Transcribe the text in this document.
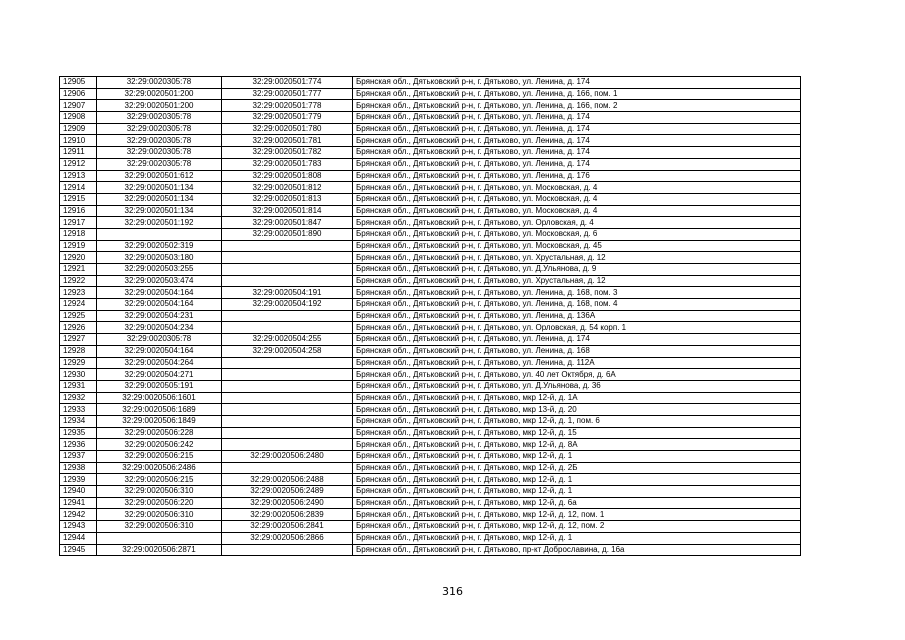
12905	32:29:0020305:78	32:29:0020501:774	Брянская обл., Дятьковский р-н, г. Дятьково, ул. Ленина, д. 174
12906	32:29:0020501:200	32:29:0020501:777	Брянская обл., Дятьковский р-н, г. Дятьково, ул. Ленина, д. 166, пом. 1
12907	32:29:0020501:200	32:29:0020501:778	Брянская обл., Дятьковский р-н, г. Дятьково, ул. Ленина, д. 166, пом. 2
12908	32:29:0020305:78	32:29:0020501:779	Брянская обл., Дятьковский р-н, г. Дятьково, ул. Ленина, д. 174
12909	32:29:0020305:78	32:29:0020501:780	Брянская обл., Дятьковский р-н, г. Дятьково, ул. Ленина, д. 174
12910	32:29:0020305:78	32:29:0020501:781	Брянская обл., Дятьковский р-н, г. Дятьково, ул. Ленина, д. 174
12911	32:29:0020305:78	32:29:0020501:782	Брянская обл., Дятьковский р-н, г. Дятьково, ул. Ленина, д. 174
12912	32:29:0020305:78	32:29:0020501:783	Брянская обл., Дятьковский р-н, г. Дятьково, ул. Ленина, д. 174
12913	32:29:0020501:612	32:29:0020501:808	Брянская обл., Дятьковский р-н, г. Дятьково, ул. Ленина, д. 176
12914	32:29:0020501:134	32:29:0020501:812	Брянская обл., Дятьковский р-н, г. Дятьково, ул. Московская, д. 4
12915	32:29:0020501:134	32:29:0020501:813	Брянская обл., Дятьковский р-н, г. Дятьково, ул. Московская, д. 4
12916	32:29:0020501:134	32:29:0020501:814	Брянская обл., Дятьковский р-н, г. Дятьково, ул. Московская, д. 4
12917	32:29:0020501:192	32:29:0020501:847	Брянская обл., Дятьковский р-н, г. Дятьково, ул. Орловская, д. 4
12918		32:29:0020501:890	Брянская обл., Дятьковский р-н, г. Дятьково, ул. Московская, д. 6
12919	32:29:0020502:319		Брянская обл., Дятьковский р-н, г. Дятьково, ул. Московская, д. 45
12920	32:29:0020503:180		Брянская обл., Дятьковский р-н, г. Дятьково, ул. Хрустальная, д. 12
12921	32:29:0020503:255		Брянская обл., Дятьковский р-н, г. Дятьково, ул. Д.Ульянова, д. 9
12922	32:29:0020503:474		Брянская обл., Дятьковский р-н, г. Дятьково, ул. Хрустальная, д. 12
12923	32:29:0020504:164	32:29:0020504:191	Брянская обл., Дятьковский р-н, г. Дятьково, ул. Ленина, д. 168, пом. 3
12924	32:29:0020504:164	32:29:0020504:192	Брянская обл., Дятьковский р-н, г. Дятьково, ул. Ленина, д. 168, пом. 4
12925	32:29:0020504:231		Брянская обл., Дятьковский р-н, г. Дятьково, ул. Ленина, д. 136А
12926	32:29:0020504:234		Брянская обл., Дятьковский р-н, г. Дятьково, ул. Орловская, д. 54 корп. 1
12927	32:29:0020305:78	32:29:0020504:255	Брянская обл., Дятьковский р-н, г. Дятьково, ул. Ленина, д. 174
12928	32:29:0020504:164	32:29:0020504:258	Брянская обл., Дятьковский р-н, г. Дятьково, ул. Ленина, д. 168
12929	32:29:0020504:264		Брянская обл., Дятьковский р-н, г. Дятьково, ул. Ленина, д. 112А
12930	32:29:0020504:271		Брянская обл., Дятьковский р-н, г. Дятьково, ул. 40 лет Октября, д. 6А
12931	32:29:0020505:191		Брянская обл., Дятьковский р-н, г. Дятьково, ул. Д.Ульянова, д. 36
12932	32:29:0020506:1601		Брянская обл., Дятьковский р-н, г. Дятьково, мкр 12-й, д. 1А
12933	32:29:0020506:1689		Брянская обл., Дятьковский р-н, г. Дятьково, мкр 13-й, д. 20
12934	32:29:0020506:1849		Брянская обл., Дятьковский р-н, г. Дятьково, мкр 12-й, д. 1, пом. 6
12935	32:29:0020506:228		Брянская обл., Дятьковский р-н, г. Дятьково, мкр 12-й, д. 15
12936	32:29:0020506:242		Брянская обл., Дятьковский р-н, г. Дятьково, мкр 12-й, д. 8А
12937	32:29:0020506:215	32:29:0020506:2480	Брянская обл., Дятьковский р-н, г. Дятьково, мкр 12-й, д. 1
12938	32:29:0020506:2486		Брянская обл., Дятьковский р-н, г. Дятьково, мкр 12-й, д. 2Б
12939	32:29:0020506:215	32:29:0020506:2488	Брянская обл., Дятьковский р-н, г. Дятьково, мкр 12-й, д. 1
12940	32:29:0020506:310	32:29:0020506:2489	Брянская обл., Дятьковский р-н, г. Дятьково, мкр 12-й, д. 1
12941	32:29:0020506:220	32:29:0020506:2490	Брянская обл., Дятьковский р-н, г. Дятьково, мкр 12-й, д. 6а
12942	32:29:0020506:310	32:29:0020506:2839	Брянская обл., Дятьковский р-н, г. Дятьково, мкр 12-й, д. 12, пом. 1
12943	32:29:0020506:310	32:29:0020506:2841	Брянская обл., Дятьковский р-н, г. Дятьково, мкр 12-й, д. 12, пом. 2
12944		32:29:0020506:2866	Брянская обл., Дятьковский р-н, г. Дятьково, мкр 12-й, д. 1
12945	32:29:0020506:2871		Брянская обл., Дятьковский р-н, г. Дятьково, пр-кт Доброславина, д. 16а
316
